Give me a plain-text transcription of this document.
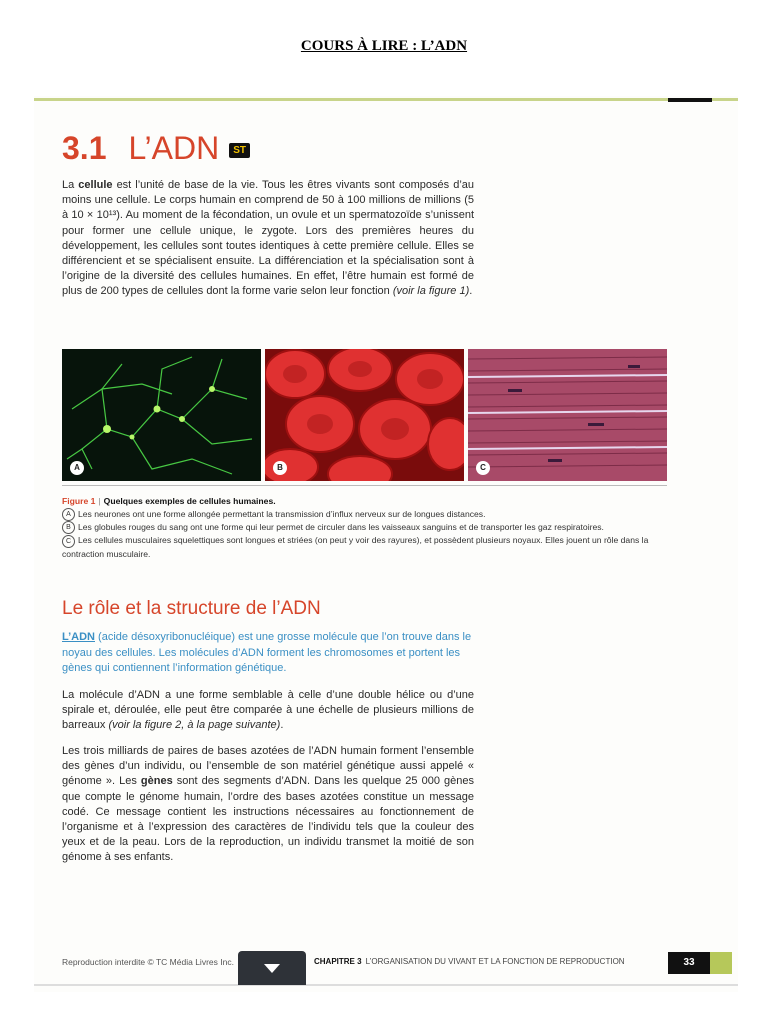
COURS À LIRE : L’ADN
3.1 L’ADN	ST
La cellule est l’unité de base de la vie. Tous les êtres vivants sont composés d’au moins une cellule. Le corps humain en comprend de 50 à 100 millions de millions (5 à 10 × 10¹³). Au moment de la fécondation, un ovule et un spermatozoïde s’unissent pour former une cellule unique, le zygote. Lors des premières heures du développement, les cellules sont toutes identiques à cette première cellule. Elles se différencient et se spécialisent ensuite. La différenciation et la spécialisation sont à l’origine de la diversité des cellules humaines. En effet, l’être humain est formé de plus de 200 types de cellules dont la forme varie selon leur fonction (voir la figure 1).
A	B	C
Figure 1 | Quelques exemples de cellules humaines.
A Les neurones ont une forme allongée permettant la transmission d’influx nerveux sur de longues distances.
B Les globules rouges du sang ont une forme qui leur permet de circuler dans les vaisseaux sanguins et de transporter les gaz respiratoires.
C Les cellules musculaires squelettiques sont longues et striées (on peut y voir des rayures), et possèdent plusieurs noyaux. Elles jouent un rôle dans la contraction musculaire.
Le rôle et la structure de l’ADN
L’ADN (acide désoxyribonucléique) est une grosse molécule que l’on trouve dans le noyau des cellules. Les molécules d’ADN forment les chromosomes et portent les gènes qui contiennent l’information génétique.
La molécule d’ADN a une forme semblable à celle d’une double hélice ou d’une spirale et, déroulée, elle peut être comparée à une échelle de plusieurs millions de barreaux (voir la figure 2, à la page suivante).
Les trois milliards de paires de bases azotées de l’ADN humain forment l’ensemble des gènes d’un individu, ou l’ensemble de son matériel génétique aussi appelé « génome ». Les gènes sont des segments d’ADN. Dans les quelque 25 000 gènes que compte le génome humain, l’ordre des bases azotées constitue un message codé. Ce message contient les instructions nécessaires au fonctionnement de l’organisme et à l’expression des caractères de l’individu tels que la couleur des yeux et de la peau. Lors de la reproduction, un individu transmet la moitié de son génome à ses enfants.
Reproduction interdite © TC Média Livres Inc.	CHAPITRE 3 L’ORGANISATION DU VIVANT ET LA FONCTION DE REPRODUCTION	33
